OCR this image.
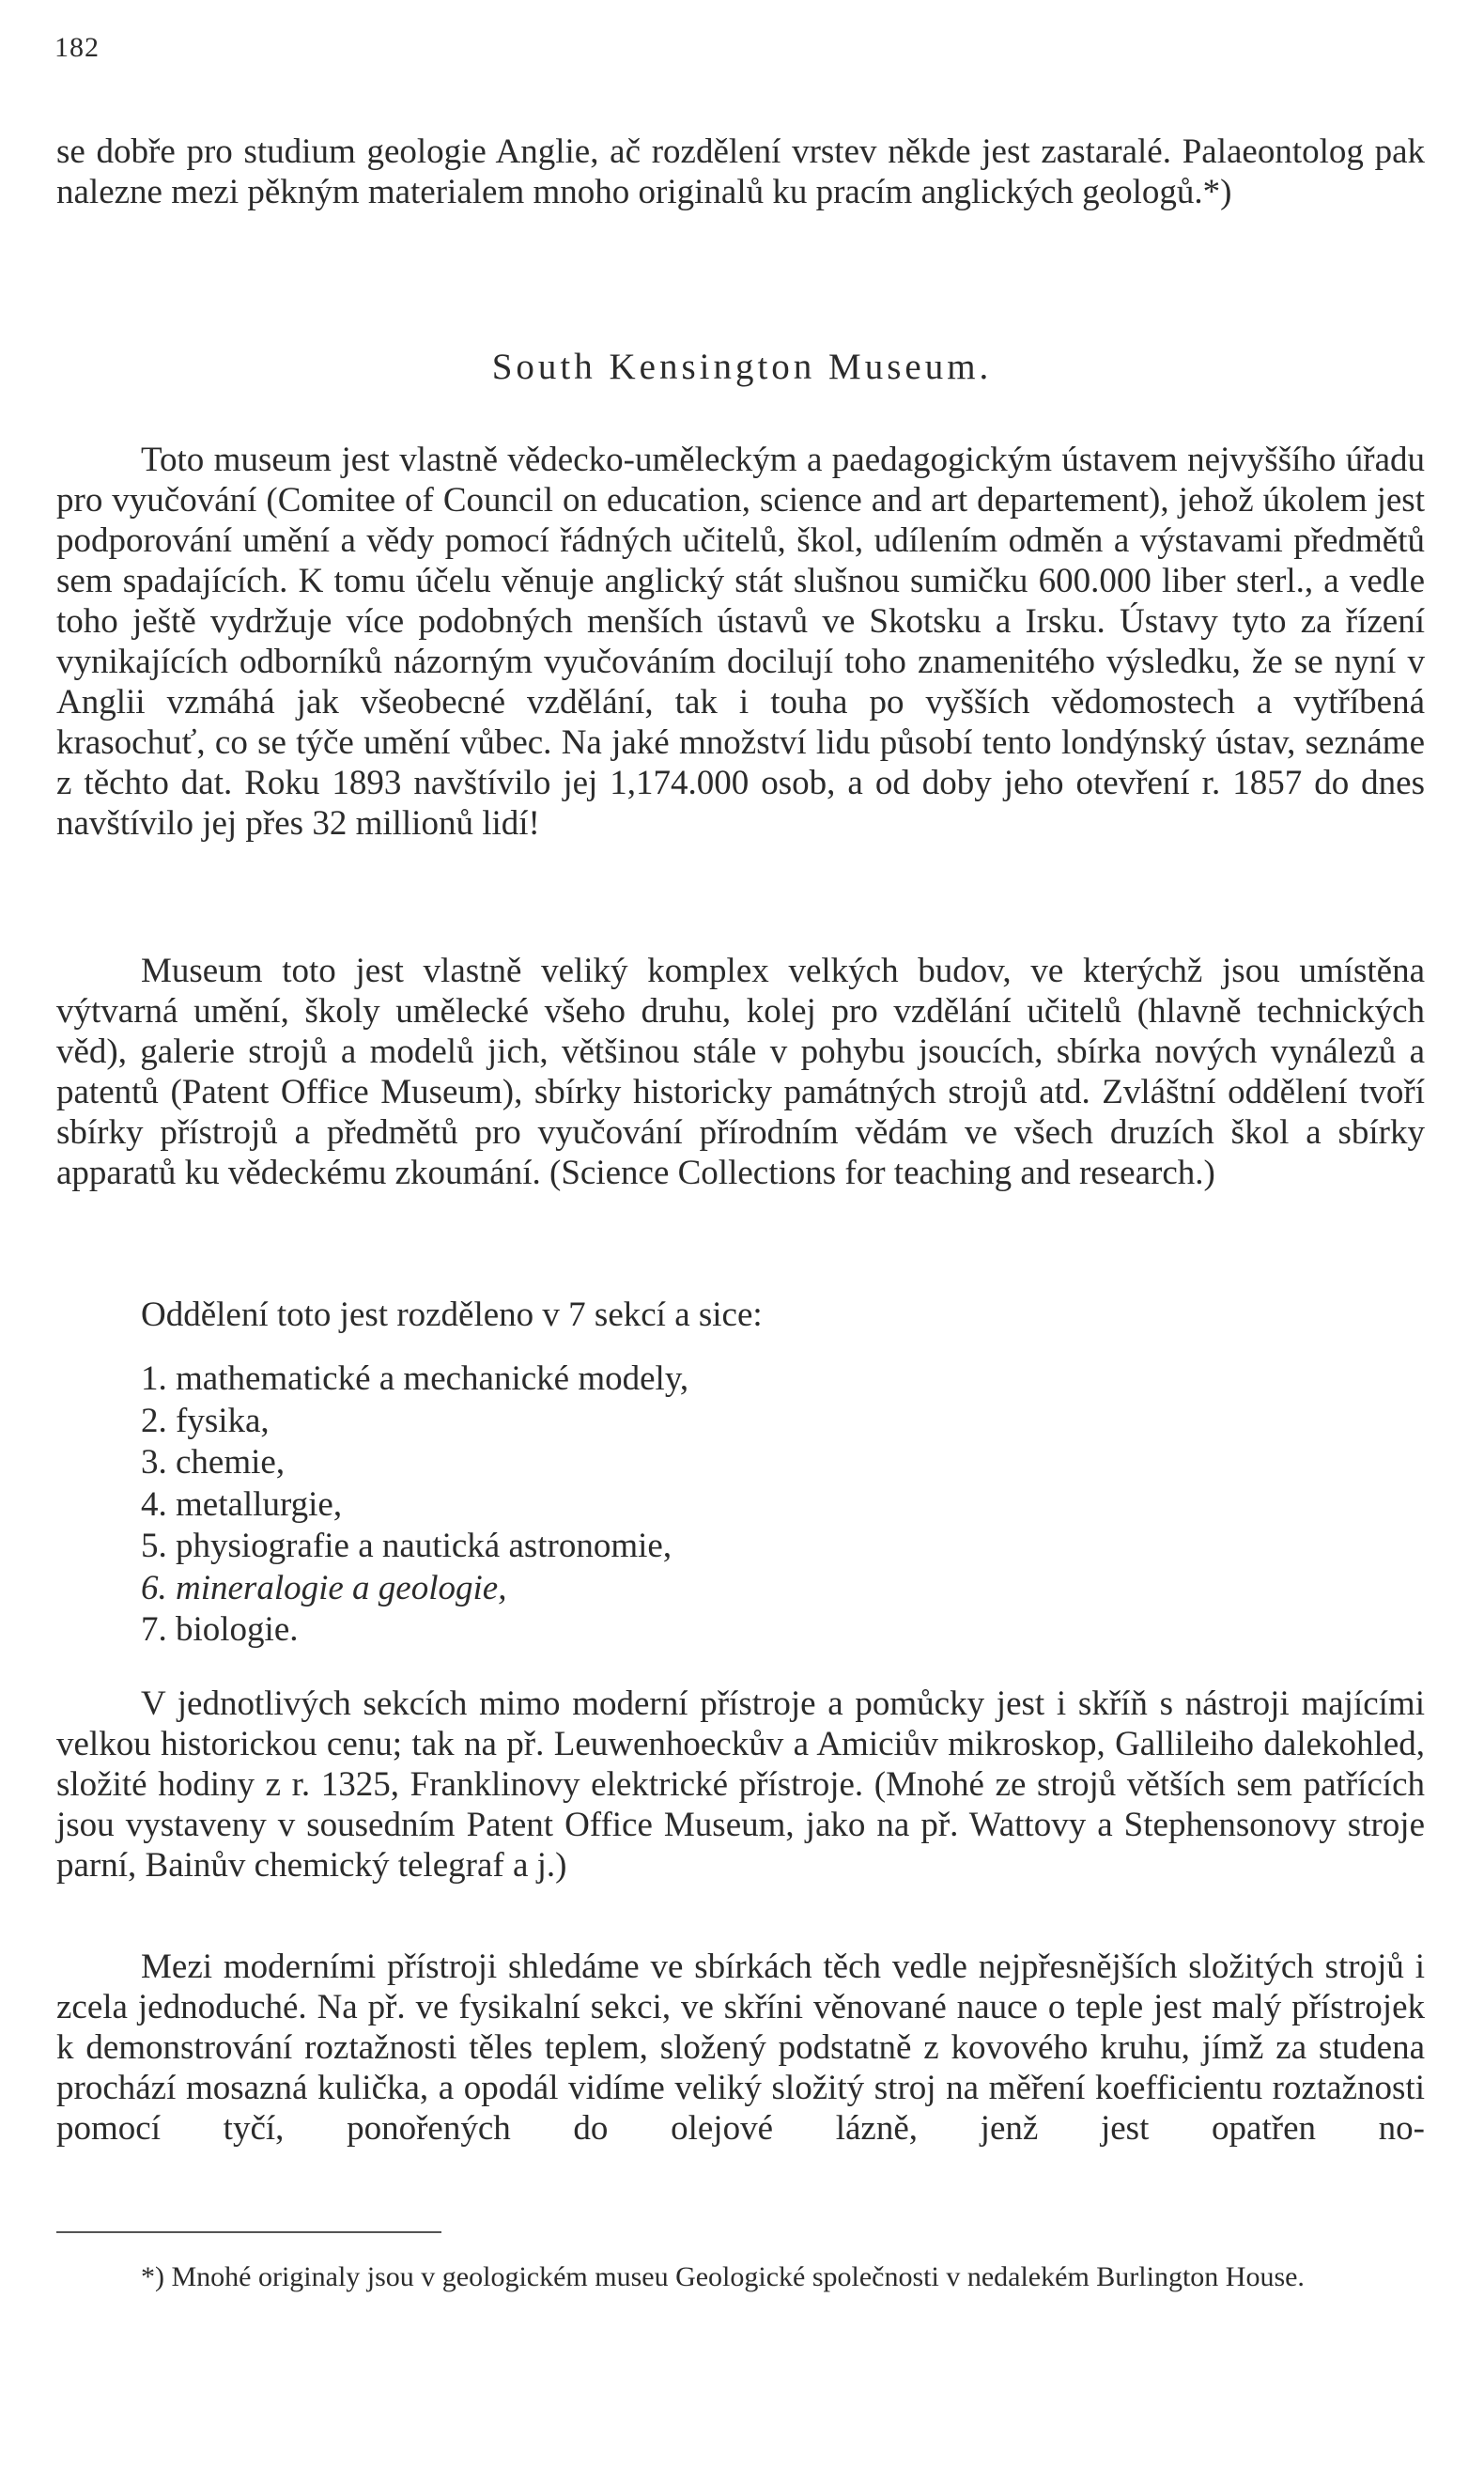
182
se dobře pro studium geologie Anglie, ač rozdělení vrstev někde jest zastaralé. Palaeontolog pak nalezne mezi pěkným materialem mnoho originalů ku pracím anglických geologů.*)
South Kensington Museum.
Toto museum jest vlastně vědecko-uměleckým a paedagogickým ústavem nejvyššího úřadu pro vyučování (Comitee of Council on education, science and art departement), jehož úkolem jest podporování umění a vědy pomocí řádných učitelů, škol, udílením odměn a výstavami předmětů sem spadajících. K tomu účelu věnuje anglický stát slušnou sumičku 600.000 liber sterl., a vedle toho ještě vydržuje více podobných menších ústavů ve Skotsku a Irsku. Ústavy tyto za řízení vynikajících odborníků názorným vyučováním docilují toho znamenitého výsledku, že se nyní v Anglii vzmáhá jak všeobecné vzdělání, tak i touha po vyšších vědomostech a vytříbená krasochuť, co se týče umění vůbec. Na jaké množství lidu působí tento londýnský ústav, seznáme z těchto dat. Roku 1893 navštívilo jej 1,174.000 osob, a od doby jeho otevření r. 1857 do dnes navštívilo jej přes 32 millionů lidí!
Museum toto jest vlastně veliký komplex velkých budov, ve kterýchž jsou umístěna výtvarná umění, školy umělecké všeho druhu, kolej pro vzdělání učitelů (hlavně technických věd), galerie strojů a modelů jich, většinou stále v pohybu jsoucích, sbírka nových vynálezů a patentů (Patent Office Museum), sbírky historicky památných strojů atd. Zvláštní oddělení tvoří sbírky přístrojů a předmětů pro vyučování přírodním vědám ve všech druzích škol a sbírky apparatů ku vědeckému zkoumání. (Science Collections for teaching and research.)
Oddělení toto jest rozděleno v 7 sekcí a sice:
1. mathematické a mechanické modely,
2. fysika,
3. chemie,
4. metallurgie,
5. physiografie a nautická astronomie,
6. mineralogie a geologie,
7. biologie.
V jednotlivých sekcích mimo moderní přístroje a pomůcky jest i skříň s nástroji majícími velkou historickou cenu; tak na př. Leuwenhoeckův a Amiciův mikroskop, Gallileiho dalekohled, složité hodiny z r. 1325, Franklinovy elektrické přístroje. (Mnohé ze strojů větších sem patřících jsou vystaveny v sousedním Patent Office Museum, jako na př. Wattovy a Stephensonovy stroje parní, Bainův chemický telegraf a j.)
Mezi moderními přístroji shledáme ve sbírkách těch vedle nejpřesnějších složitých strojů i zcela jednoduché. Na př. ve fysikalní sekci, ve skříni věnované nauce o teple jest malý přístrojek k demonstrování roztažnosti těles teplem, složený podstatně z kovového kruhu, jímž za studena prochází mosazná kulička, a opodál vidíme veliký složitý stroj na měření koefficientu roztažnosti pomocí tyčí, ponořených do olejové lázně, jenž jest opatřen no-
*) Mnohé originaly jsou v geologickém museu Geologické společnosti v nedalekém Burlington House.
